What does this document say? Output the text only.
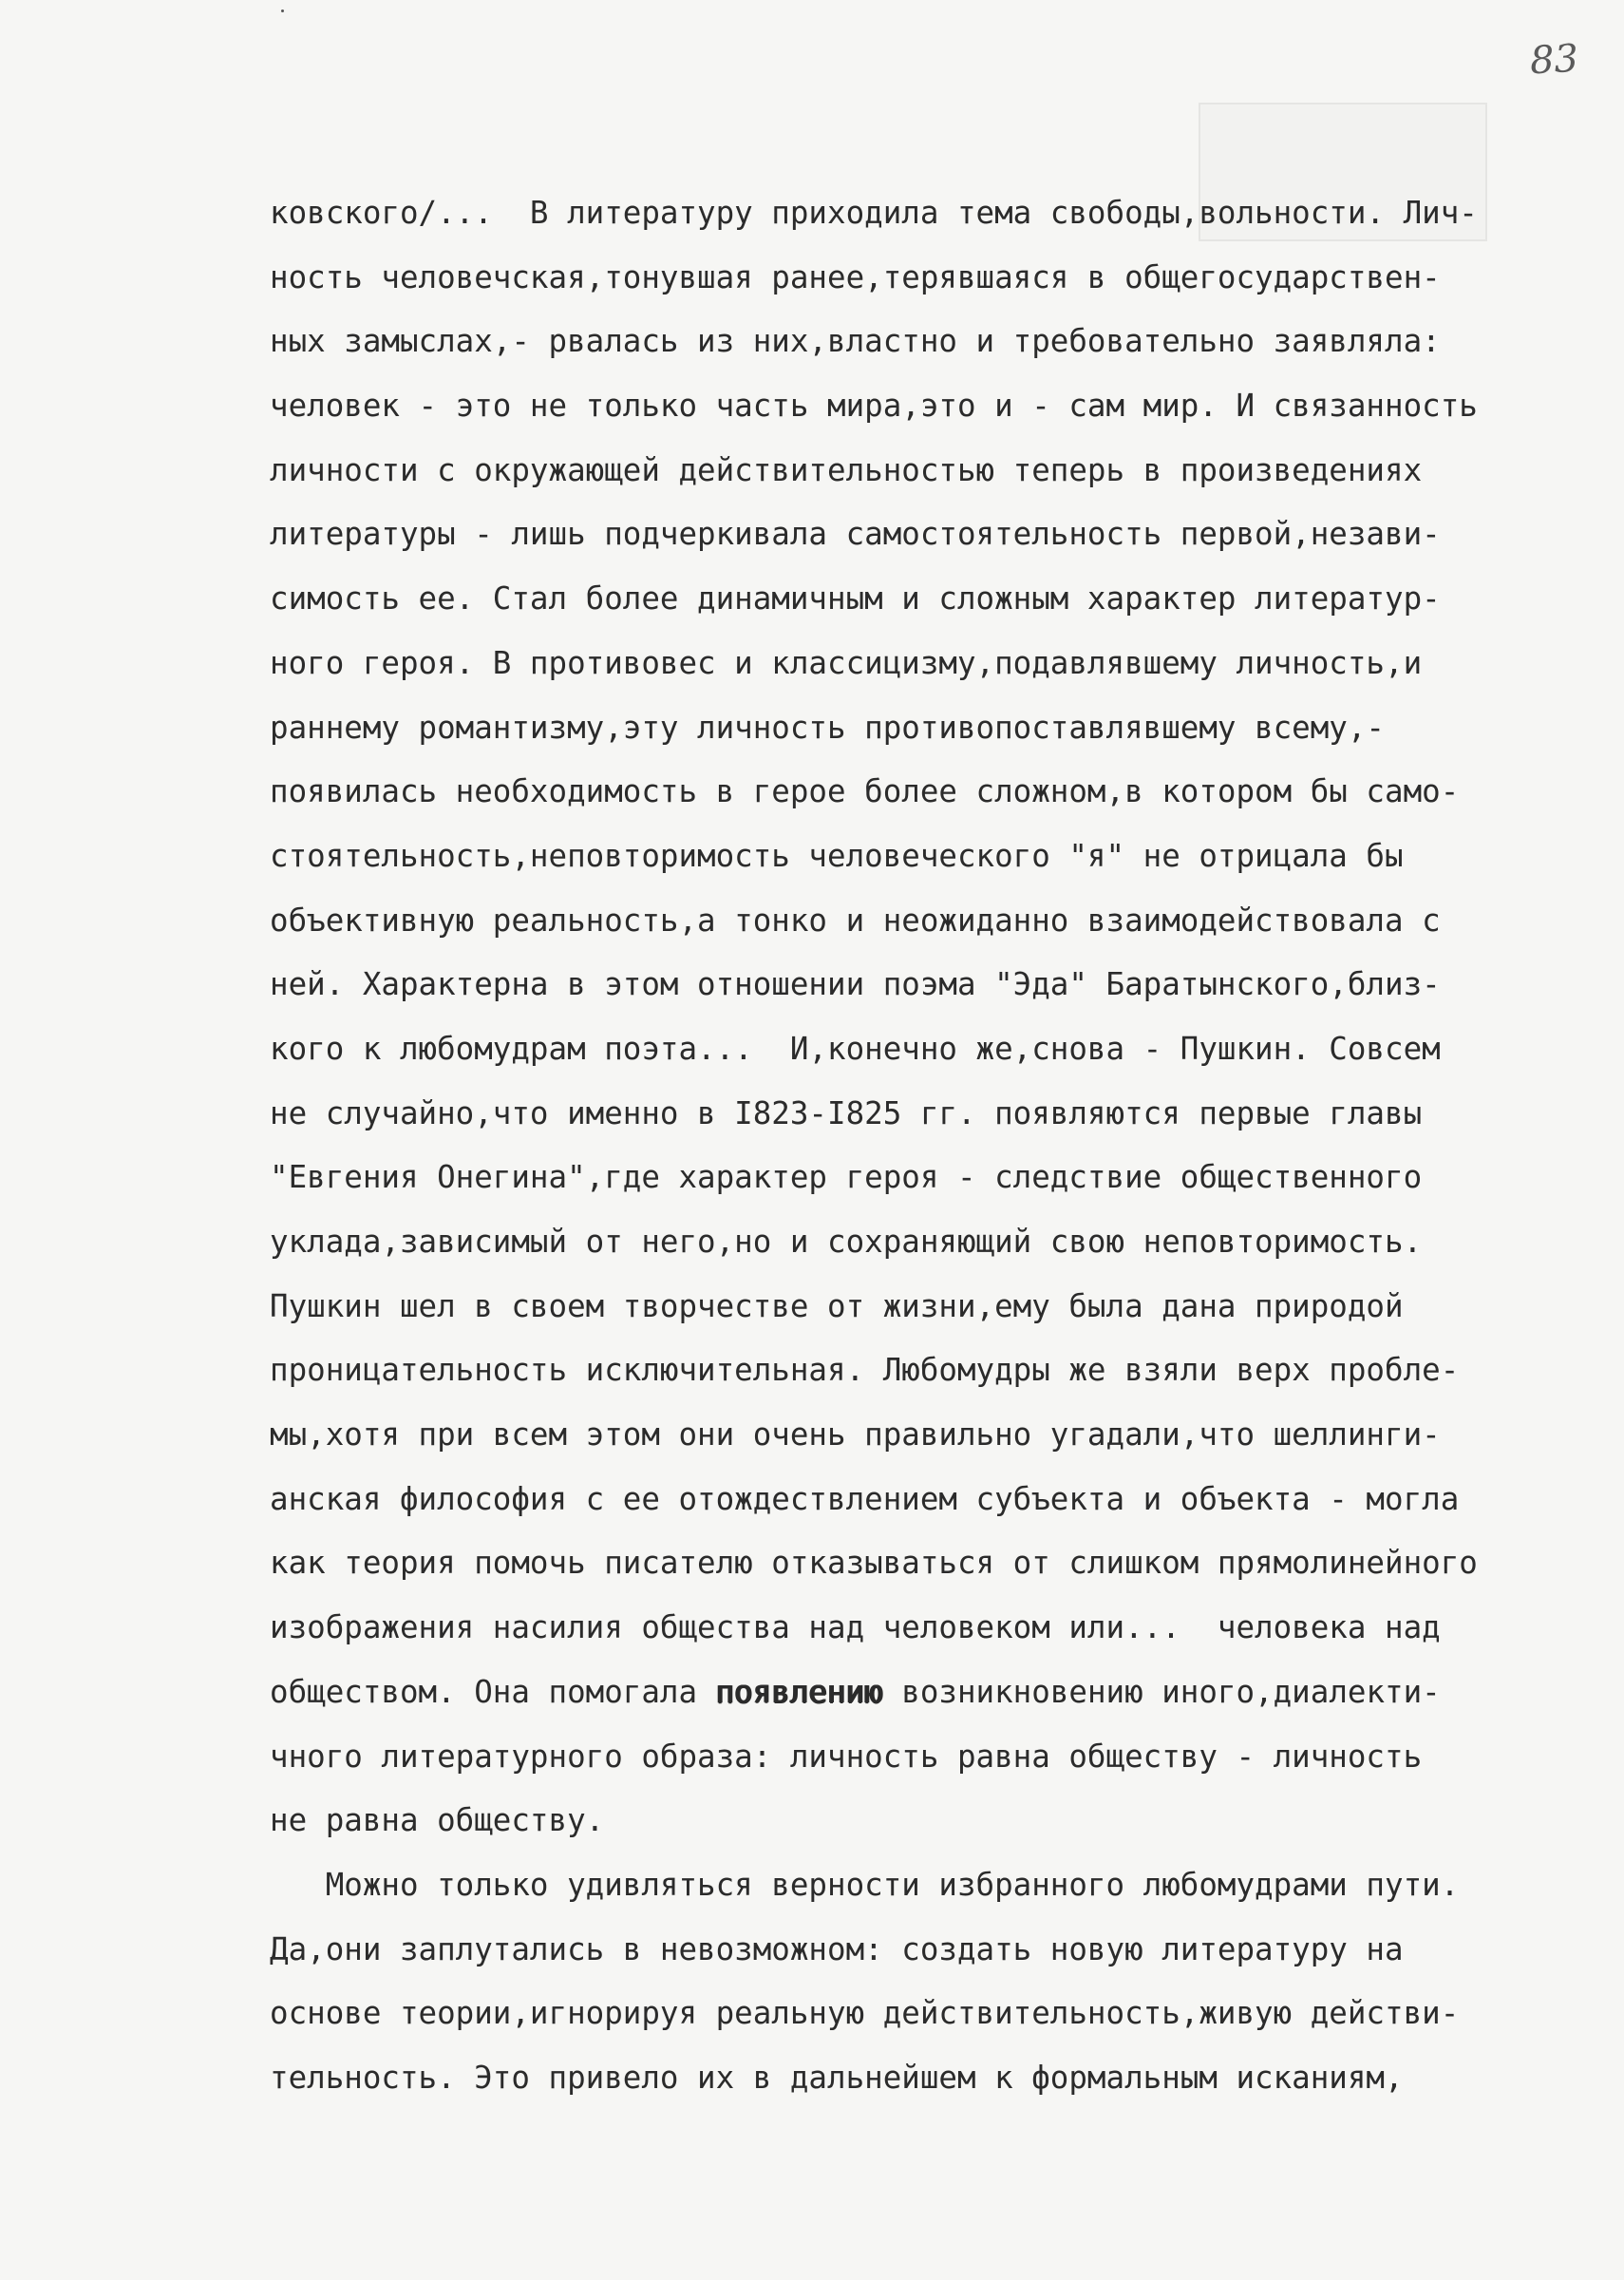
83
ковского/...  В литературу приходила тема свободы,вольности. Лич-
ность человечская,тонувшая ранее,терявшаяся в общегосударствен-
ных замыслах,- рвалась из них,властно и требовательно заявляла:
человек - это не только часть мира,это и - сам мир. И связанность
личности с окружающей действительностью теперь в произведениях
литературы - лишь подчеркивала самостоятельность первой,незави-
симость ее. Стал более динамичным и сложным характер литератур-
ного героя. В противовес и классицизму,подавлявшему личность,и
раннему романтизму,эту личность противопоставлявшему всему,-
появилась необходимость в герое более сложном,в котором бы само-
стоятельность,неповторимость человеческого "я" не отрицала бы
объективную реальность,а тонко и неожиданно взаимодействовала с
ней. Характерна в этом отношении поэма "Эда" Баратынского,близ-
кого к любомудрам поэта...  И,конечно же,снова - Пушкин. Совсем
не случайно,что именно в I823-I825 гг. появляются первые главы
"Евгения Онегина",где характер героя - следствие общественного
уклада,зависимый от него,но и сохраняющий свою неповторимость.
Пушкин шел в своем творчестве от жизни,ему была дана природой
проницательность исключительная. Любомудры же взяли верх пробле-
мы,хотя при всем этом они очень правильно угадали,что шеллинги-
анская философия с ее отождествлением субъекта и объекта - могла
как теория помочь писателю отказываться от слишком прямолинейного
изображения насилия общества над человеком или...  человека над
обществом. Она помогала появлению возникновению иного,диалекти-
чного литературного образа: личность равна обществу - личность
не равна обществу.
Можно только удивляться верности избранного любомудрами пути.
Да,они заплутались в невозможном: создать новую литературу на
основе теории,игнорируя реальную действительность,живую действи-
тельность. Это привело их в дальнейшем к формальным исканиям,
